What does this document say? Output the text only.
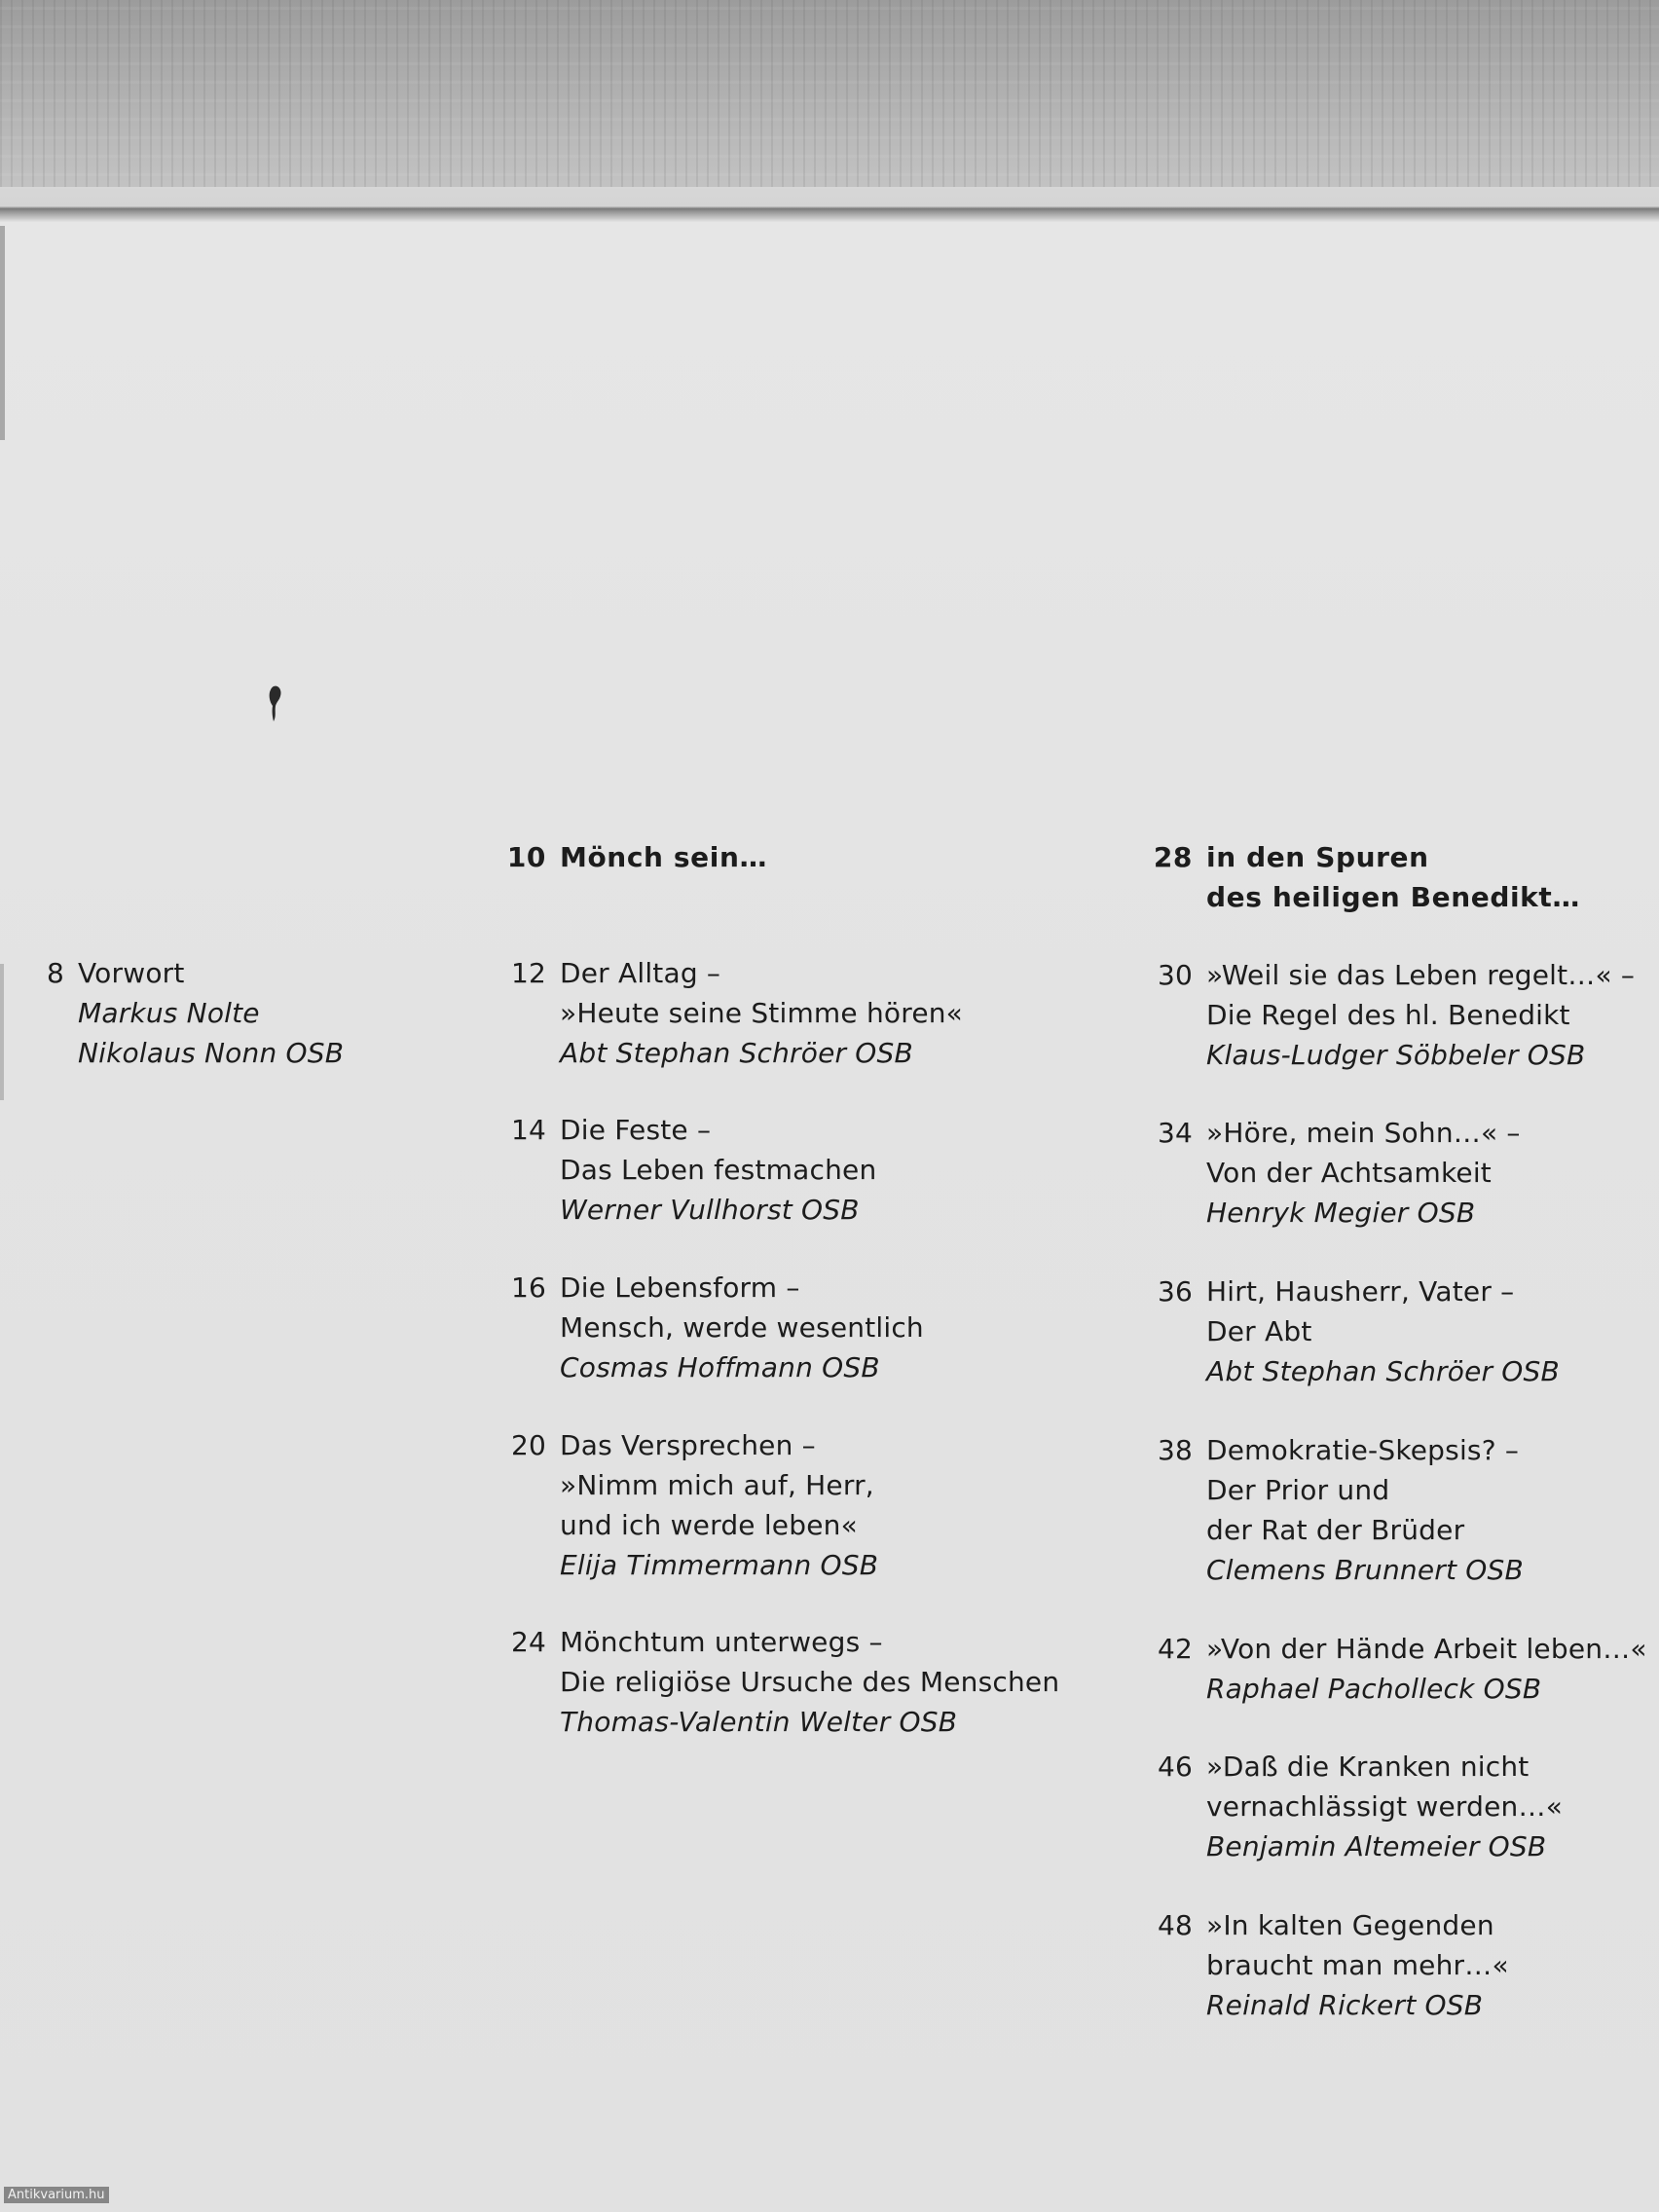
8 Vorwort
Markus Nolte
Nikolaus Nonn OSB
10 Mönch sein…
12 Der Alltag –
»Heute seine Stimme hören«
Abt Stephan Schröer OSB
14 Die Feste –
Das Leben festmachen
Werner Vullhorst OSB
16 Die Lebensform –
Mensch, werde wesentlich
Cosmas Hoffmann OSB
20 Das Versprechen –
»Nimm mich auf, Herr,
und ich werde leben«
Elija Timmermann OSB
24 Mönchtum unterwegs –
Die religiöse Ursuche des Menschen
Thomas-Valentin Welter OSB
28 in den Spuren
des heiligen Benedikt…
30 »Weil sie das Leben regelt…« –
Die Regel des hl. Benedikt
Klaus-Ludger Söbbeler OSB
34 »Höre, mein Sohn…« –
Von der Achtsamkeit
Henryk Megier OSB
36 Hirt, Hausherr, Vater –
Der Abt
Abt Stephan Schröer OSB
38 Demokratie-Skepsis? –
Der Prior und
der Rat der Brüder
Clemens Brunnert OSB
42 »Von der Hände Arbeit leben…«
Raphael Pacholleck OSB
46 »Daß die Kranken nicht
vernachlässigt werden…«
Benjamin Altemeier OSB
48 »In kalten Gegenden
braucht man mehr…«
Reinald Rickert OSB
Antikvarium.hu
